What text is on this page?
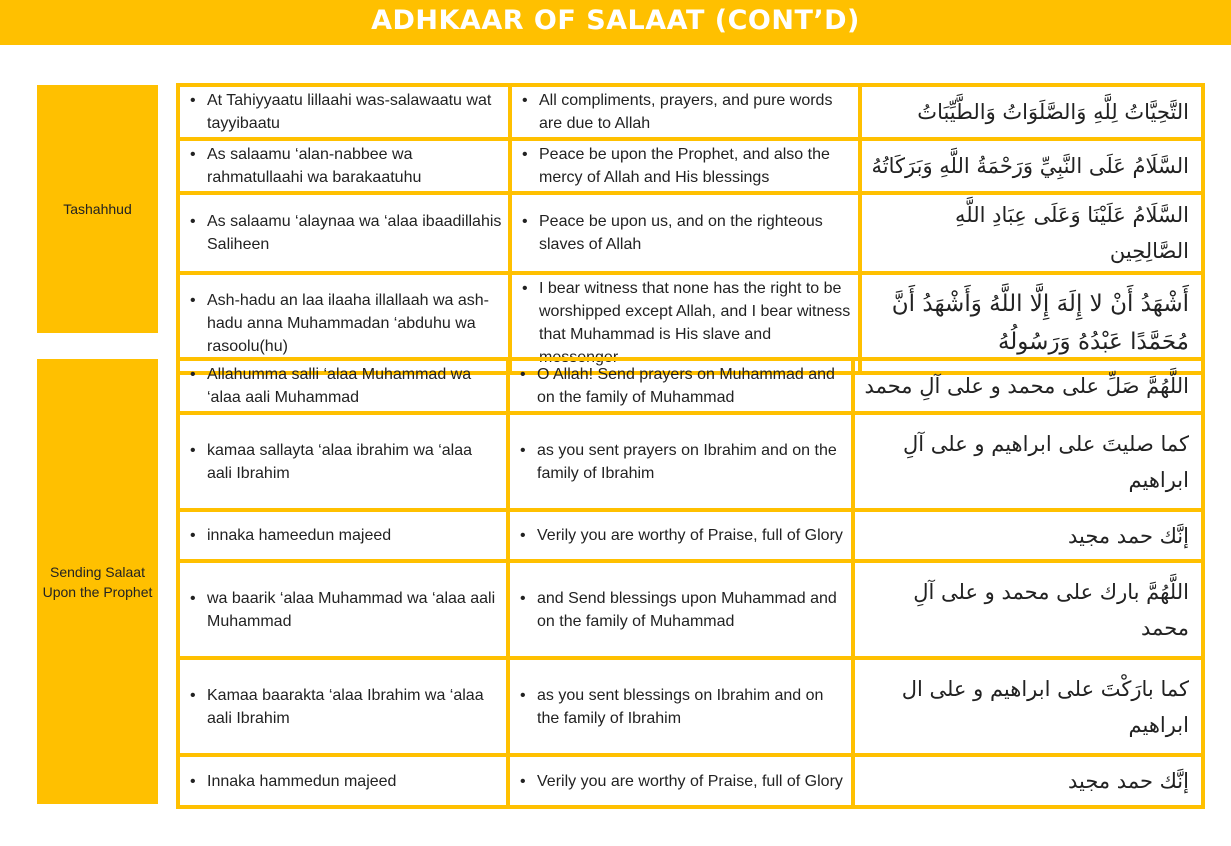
ADHKAAR OF SALAAT (CONT’D)
Tashahhud
• At Tahiyyaatu lillaahi was-salawaatu wat tayyibaatu	• All compliments, prayers, and pure words are due to Allah	التَّحِيَّاتُ لِلَّهِ وَالصَّلَوَاتُ وَالطَّيِّبَاتُ
• As salaamu ‘alan-nabbee wa rahmatullaahi wa barakaatuhu	• Peace be upon the Prophet, and also the mercy of Allah and His blessings	السَّلَامُ عَلَى النَّبِيِّ وَرَحْمَةُ اللَّهِ وَبَرَكَاتُهُ
• As salaamu ‘alaynaa wa ‘alaa ibaadillahis Saliheen	• Peace be upon us, and on the righteous slaves of Allah	السَّلَامُ عَلَيْنَا وَعَلَى عِبَادِ اللَّهِ الصَّالِحِين
• Ash-hadu an laa ilaaha illallaah wa ash-hadu anna Muhammadan ‘abduhu wa rasoolu(hu)	• I bear witness that none has the right to be worshipped except Allah, and I bear witness that Muhammad is His slave and messenger	أَشْهَدُ أَنْ لا إِلَهَ إِلَّا اللَّهُ وَأَشْهَدُ أَنَّ مُحَمَّدًا عَبْدُهُ وَرَسُولُهُ
Sending Salaat Upon the Prophet
• Allahumma salli ‘alaa Muhammad wa ‘alaa aali Muhammad	• O Allah! Send prayers on Muhammad and on the family of Muhammad	اللَّهُمَّ صَلِّ على محمد و على آلِ محمد
• kamaa sallayta ‘alaa ibrahim wa ‘alaa aali Ibrahim	• as you sent prayers on Ibrahim and on the family of Ibrahim	كما صليتَ على ابراهيم و على آلِ ابراهيم
• innaka hameedun majeed	• Verily you are worthy of Praise, full of Glory	إنَّك حمد مجيد
• wa baarik ‘alaa Muhammad wa ‘alaa aali Muhammad	• and Send blessings upon Muhammad and on the family of Muhammad	اللَّهُمَّ بارك على محمد و على آلِ محمد
• Kamaa baarakta ‘alaa Ibrahim wa ‘alaa aali Ibrahim	• as you sent blessings on Ibrahim and on the family of Ibrahim	كما بارَكْتَ على ابراهيم و على ال ابراهيم
• Innaka hammedun majeed	• Verily you are worthy of Praise, full of Glory	إنَّك حمد مجيد
